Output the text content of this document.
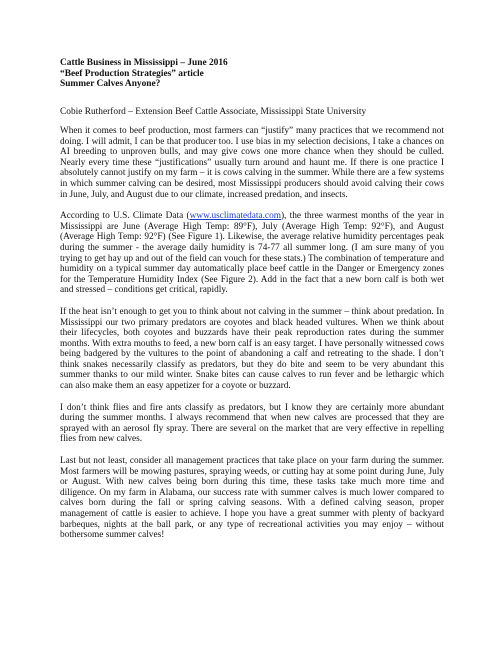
Cattle Business in Mississippi – June 2016
“Beef Production Strategies” article
Summer Calves Anyone?
Cobie Rutherford – Extension Beef Cattle Associate, Mississippi State University

When it comes to beef production, most farmers can “justify” many practices that we recommend not doing. I will admit, I can be that producer too. I use bias in my selection decisions, I take a chances on AI breeding to unproven bulls, and may give cows one more chance when they should be culled. Nearly every time these “justifications” usually turn around and haunt me. If there is one practice I absolutely cannot justify on my farm – it is cows calving in the summer. While there are a few systems in which summer calving can be desired, most Mississippi producers should avoid calving their cows in June, July, and August due to our climate, increased predation, and insects.

According to U.S. Climate Data (www.usclimatedata.com), the three warmest months of the year in Mississippi are June (Average High Temp: 89°F), July (Average High Temp: 92°F), and August (Average High Temp: 92°F) (See Figure 1). Likewise, the average relative humidity percentages peak during the summer - the average daily humidity is 74-77 all summer long. (I am sure many of you trying to get hay up and out of the field can vouch for these stats.) The combination of temperature and humidity on a typical summer day automatically place beef cattle in the Danger or Emergency zones for the Temperature Humidity Index (See Figure 2). Add in the fact that a new born calf is both wet and stressed – conditions get critical, rapidly.

If the heat isn’t enough to get you to think about not calving in the summer – think about predation. In Mississippi our two primary predators are coyotes and black headed vultures. When we think about their lifecycles, both coyotes and buzzards have their peak reproduction rates during the summer months. With extra mouths to feed, a new born calf is an easy target. I have personally witnessed cows being badgered by the vultures to the point of abandoning a calf and retreating to the shade. I don’t think snakes necessarily classify as predators, but they do bite and seem to be very abundant this summer thanks to our mild winter. Snake bites can cause calves to run fever and be lethargic which can also make them an easy appetizer for a coyote or buzzard.

I don’t think flies and fire ants classify as predators, but I know they are certainly more abundant during the summer months. I always recommend that when new calves are processed that they are sprayed with an aerosol fly spray. There are several on the market that are very effective in repelling flies from new calves.

Last but not least, consider all management practices that take place on your farm during the summer. Most farmers will be mowing pastures, spraying weeds, or cutting hay at some point during June, July or August. With new calves being born during this time, these tasks take much more time and diligence. On my farm in Alabama, our success rate with summer calves is much lower compared to calves born during the fall or spring calving seasons. With a defined calving season, proper management of cattle is easier to achieve. I hope you have a great summer with plenty of backyard barbeques, nights at the ball park, or any type of recreational activities you may enjoy – without bothersome summer calves!
